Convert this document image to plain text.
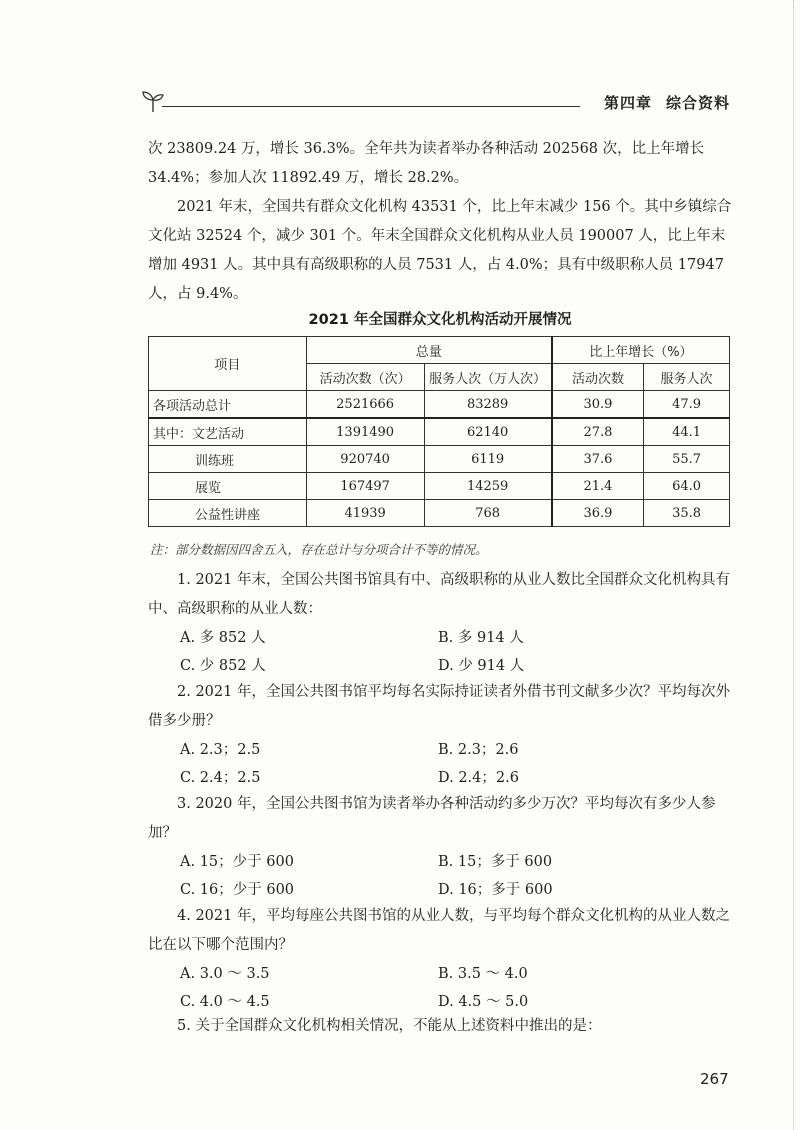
第四章 综合资料

次 23809.24 万，增长 36.3%。全年共为读者举办各种活动 202568 次，比上年增长 34.4%；参加人次 11892.49 万，增长 28.2%。

2021 年末，全国共有群众文化机构 43531 个，比上年末减少 156 个。其中乡镇综合文化站 32524 个，减少 301 个。年末全国群众文化机构从业人员 190007 人，比上年末增加 4931 人。其中具有高级职称的人员 7531 人，占 4.0%；具有中级职称人员 17947 人，占 9.4%。

2021 年全国群众文化机构活动开展情况
项目	总量		比上年增长（%）	
	活动次数（次）	服务人次（万人次）	活动次数	服务人次
各项活动总计	2521666	83289	30.9	47.9
其中：文艺活动	1391490	62140	27.8	44.1
训练班	920740	6119	37.6	55.7
展览	167497	14259	21.4	64.0
公益性讲座	41939	768	36.9	35.8
注：部分数据因四舍五入，存在总计与分项合计不等的情况。

1. 2021 年末，全国公共图书馆具有中、高级职称的从业人数比全国群众文化机构具有中、高级职称的从业人数：

A. 多 852 人	B. 多 914 人
C. 少 852 人	D. 少 914 人

2. 2021 年，全国公共图书馆平均每名实际持证读者外借书刊文献多少次？平均每次外借多少册？

A. 2.3；2.5	B. 2.3；2.6
C. 2.4；2.5	D. 2.4；2.6

3. 2020 年，全国公共图书馆为读者举办各种活动约多少万次？平均每次有多少人参加？

A. 15；少于 600	B. 15；多于 600
C. 16；少于 600	D. 16；多于 600

4. 2021 年，平均每座公共图书馆的从业人数，与平均每个群众文化机构的从业人数之比在以下哪个范围内？

A. 3.0 ～ 3.5	B. 3.5 ～ 4.0
C. 4.0 ～ 4.5	D. 4.5 ～ 5.0

5. 关于全国群众文化机构相关情况，不能从上述资料中推出的是：

267
